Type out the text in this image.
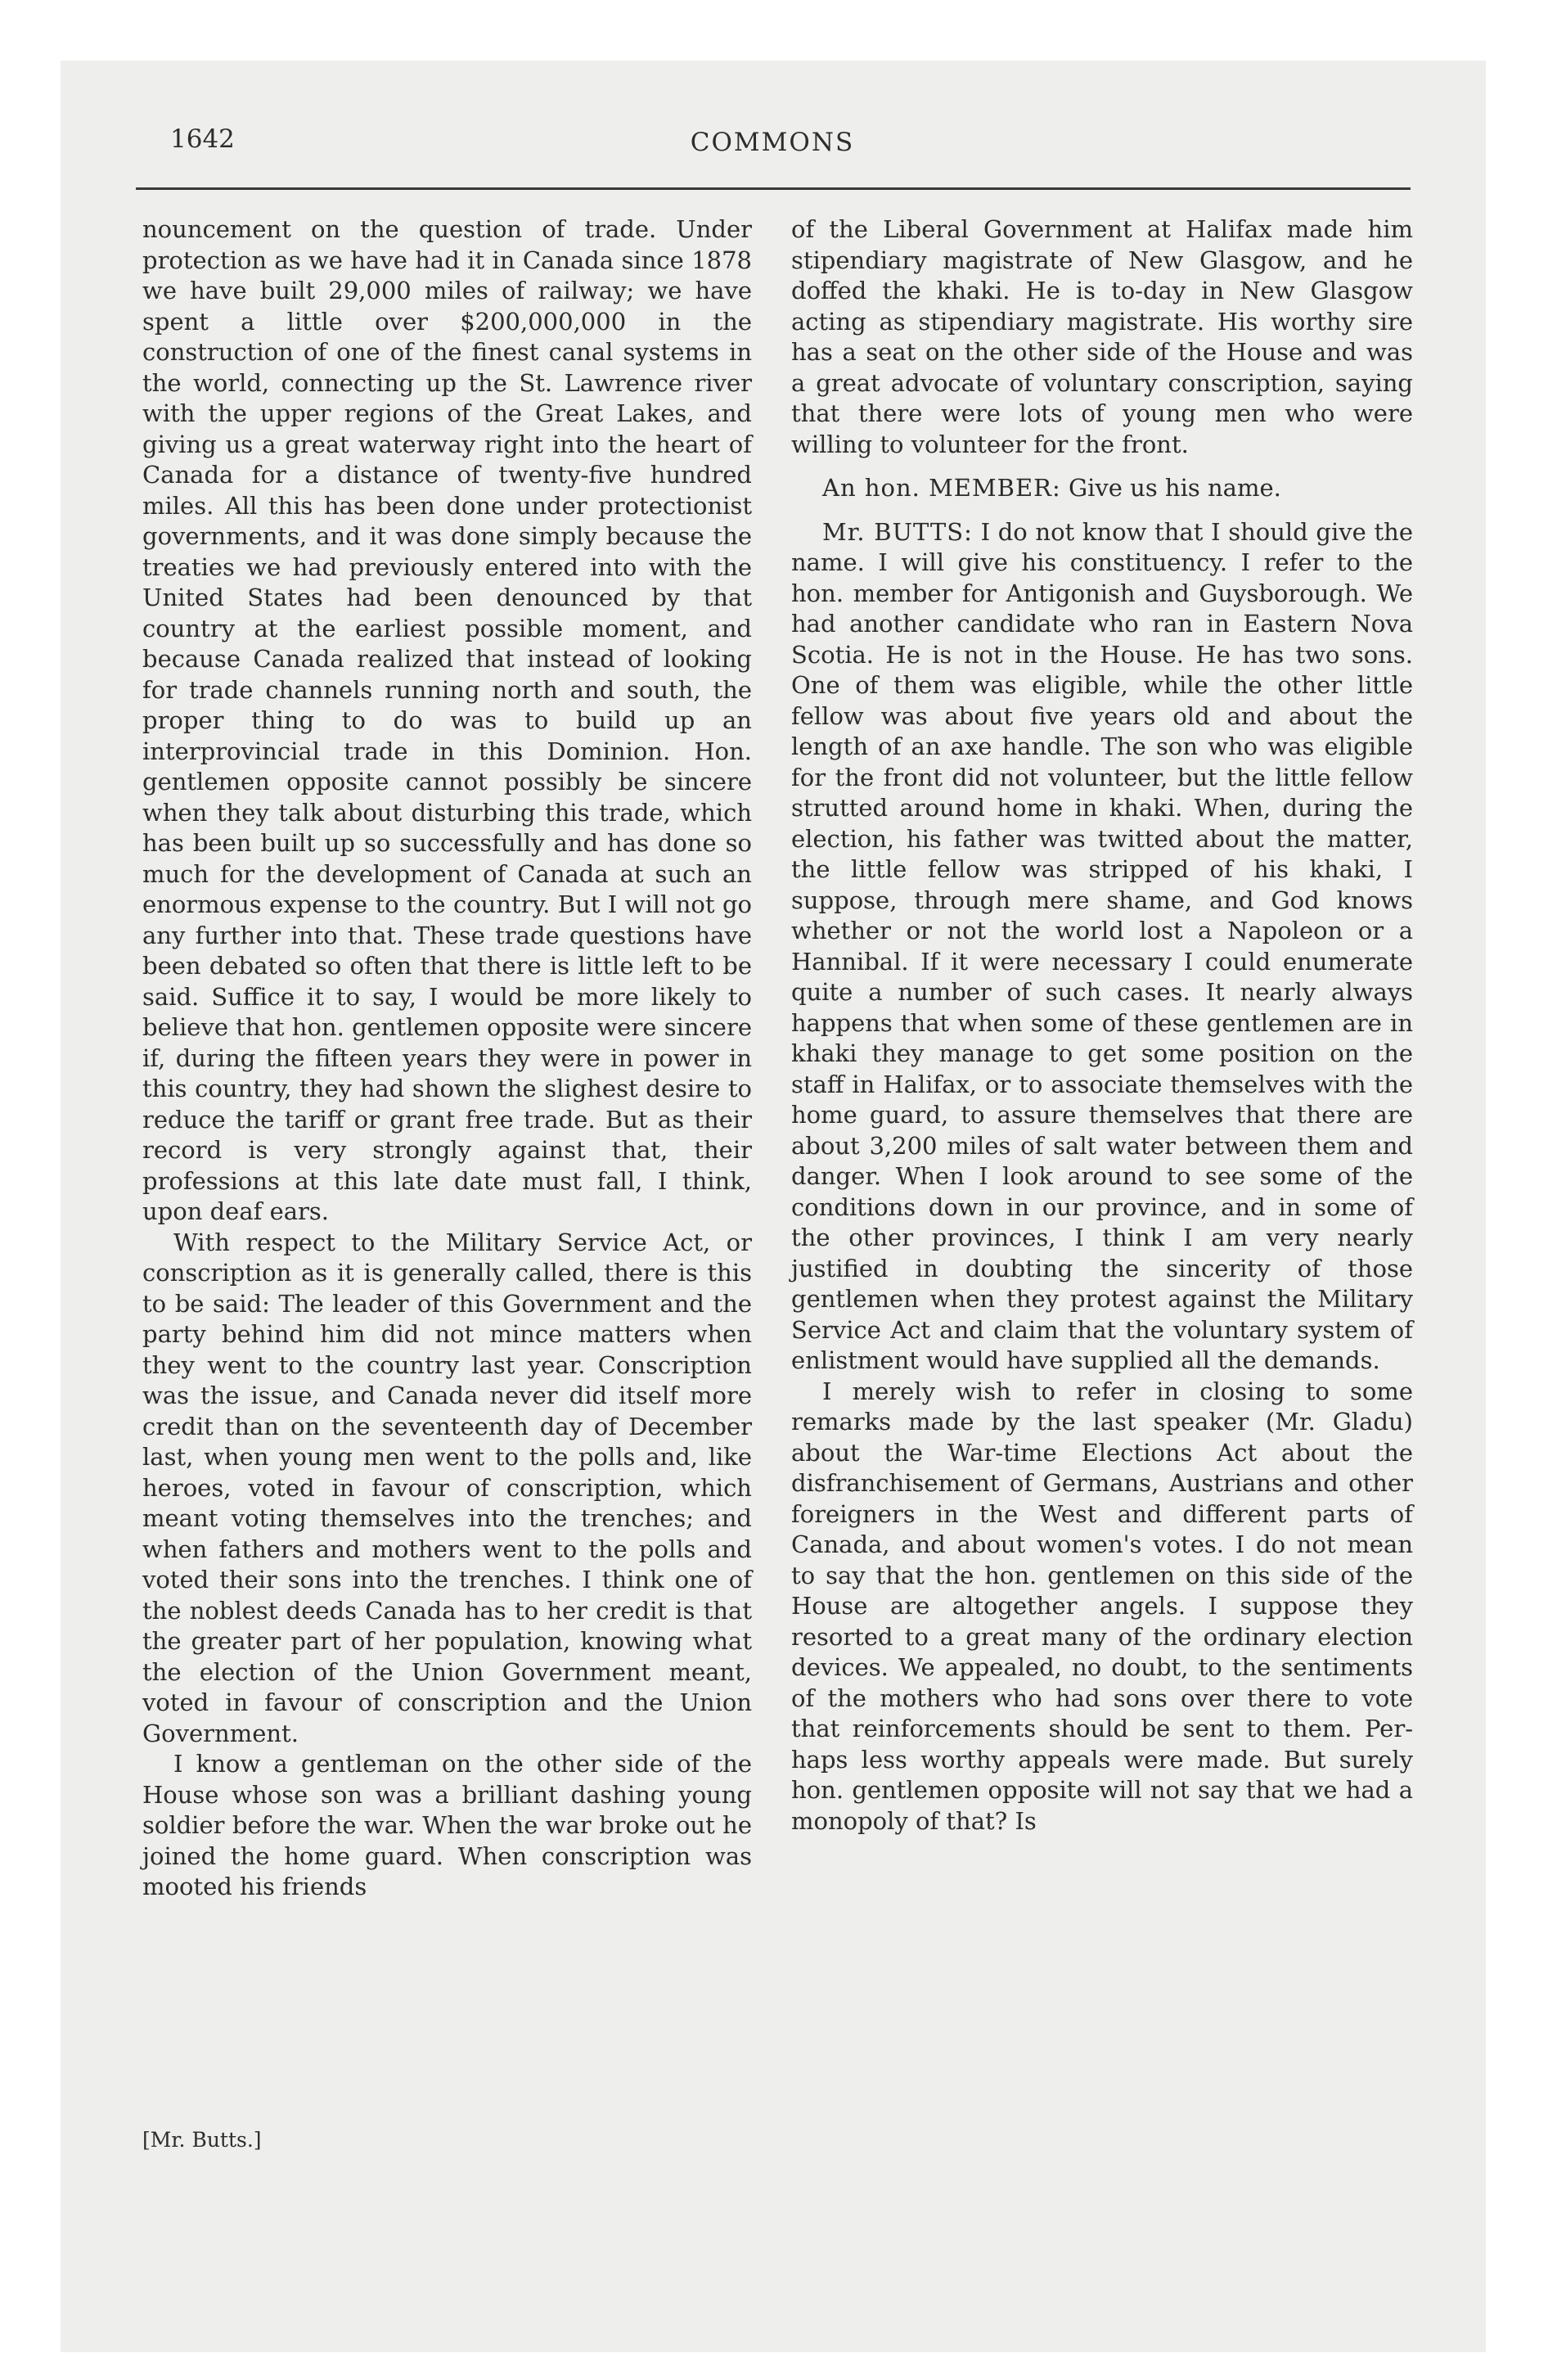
1642	COMMONS

nouncement on the question of trade. Under protection as we have had it in Canada since 1878 we have built 29,000 miles of railway; we have spent a little over $200,000,000 in the construction of one of the finest canal systems in the world, connecting up the St. Lawrence river with the upper regions of the Great Lakes, and giving us a great waterway right into the heart of Canada for a distance of twenty-five hundred miles. All this has been done under protectionist governments, and it was done simply because the treaties we had previously entered into with the United States had been denounced by that country at the earliest possible moment, and because Canada realized that instead of looking for trade channels running north and south, the proper thing to do was to build up an interprovincial trade in this Dominion. Hon. gentlemen opposite cannot possibly be sincere when they talk about disturbing this trade, which has been built up so successfully and has done so much for the development of Canada at such an enormous expense to the country. But I will not go any further into that. These trade questions have been debated so often that there is little left to be said. Suffice it to say, I would be more likely to believe that hon. gentlemen opposite were sincere if, during the fifteen years they were in power in this country, they had shown the slighest desire to reduce the tariff or grant free trade. But as their record is very strongly against that, their professions at this late date must fall, I think, upon deaf ears.

With respect to the Military Service Act, or conscription as it is generally called, there is this to be said: The leader of this Government and the party behind him did not mince matters when they went to the country last year. Conscription was the issue, and Canada never did itself more credit than on the seventeenth day of December last, when young men went to the polls and, like heroes, voted in favour of conscription, which meant voting themselves into the trenches; and when fathers and mothers went to the polls and voted their sons into the trenches. I think one of the noblest deeds Canada has to her credit is that the greater part of her population, knowing what the election of the Union Government meant, voted in favour of conscription and the Union Government.

I know a gentleman on the other side of the House whose son was a brilliant dashing young soldier before the war. When the war broke out he joined the home guard. When conscription was mooted his friends

of the Liberal Government at Halifax made him stipendiary magistrate of New Glasgow, and he doffed the khaki. He is to-day in New Glasgow acting as stipendiary magistrate. His worthy sire has a seat on the other side of the House and was a great advocate of voluntary conscription, saying that there were lots of young men who were willing to volunteer for the front.

An hon. MEMBER: Give us his name.

Mr. BUTTS: I do not know that I should give the name. I will give his constituency. I refer to the hon. member for Antigonish and Guysborough. We had another candidate who ran in Eastern Nova Scotia. He is not in the House. He has two sons. One of them was eligible, while the other little fellow was about five years old and about the length of an axe handle. The son who was eligible for the front did not volunteer, but the little fellow strutted around home in khaki. When, during the election, his father was twitted about the matter, the little fellow was stripped of his khaki, I suppose, through mere shame, and God knows whether or not the world lost a Napoleon or a Hannibal. If it were necessary I could enumerate quite a number of such cases. It nearly always happens that when some of these gentlemen are in khaki they manage to get some position on the staff in Halifax, or to associate themselves with the home guard, to assure themselves that there are about 3,200 miles of salt water between them and danger. When I look around to see some of the conditions down in our province, and in some of the other provinces, I think I am very nearly justified in doubting the sincerity of those gentlemen when they protest against the Military Service Act and claim that the voluntary system of enlistment would have supplied all the demands.

I merely wish to refer in closing to some remarks made by the last speaker (Mr. Gladu) about the War-time Elections Act about the disfranchisement of Germans, Austrians and other foreigners in the West and different parts of Canada, and about women's votes. I do not mean to say that the hon. gentlemen on this side of the House are altogether angels. I suppose they resorted to a great many of the ordinary election devices. We appealed, no doubt, to the sentiments of the mothers who had sons over there to vote that reinforcements should be sent to them. Perhaps less worthy appeals were made. But surely hon. gentlemen opposite will not say that we had a monopoly of that? Is

[Mr. Butts.]
